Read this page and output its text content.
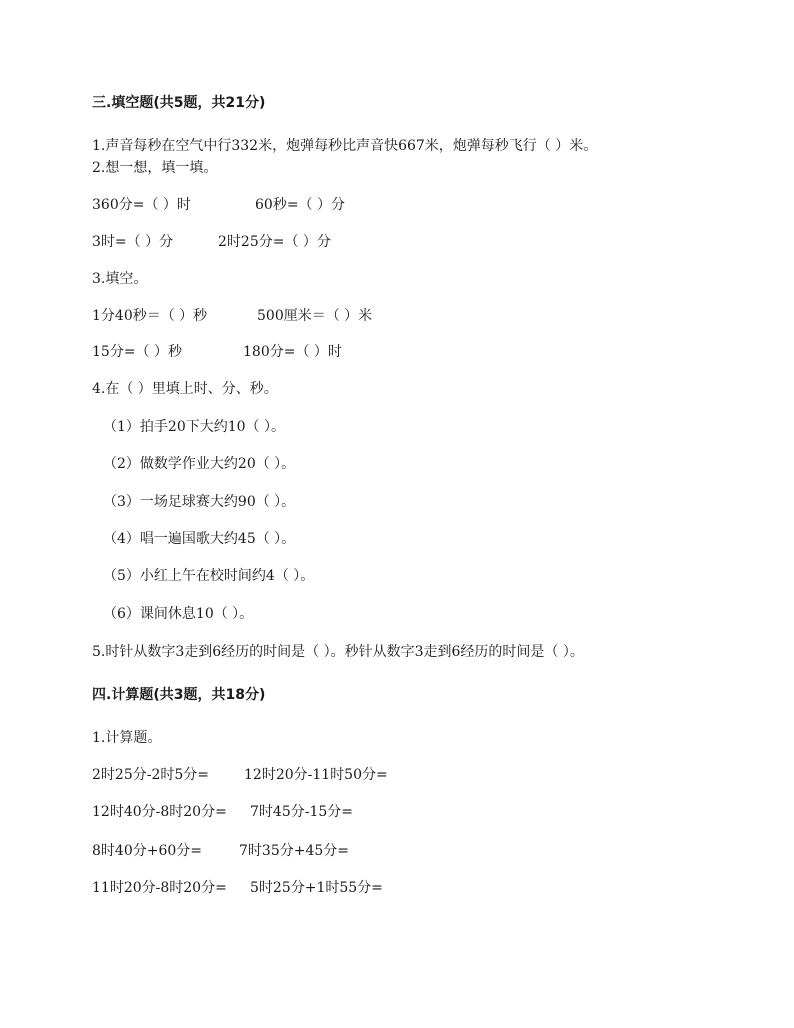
三.填空题(共5题，共21分)
1.声音每秒在空气中行332米，炮弹每秒比声音快667米，炮弹每秒飞行（ ）米。
2.想一想，填一填。
360分=（ ）时	60秒=（ ）分
3时=（ ）分	2时25分=（ ）分
3.填空。
1分40秒＝（ ）秒	500厘米＝（ ）米
15分=（ ）秒	180分=（ ）时
4.在（ ）里填上时、分、秒。
（1）拍手20下大约10（ ）。
（2）做数学作业大约20（ ）。
（3）一场足球赛大约90（ ）。
（4）唱一遍国歌大约45（ ）。
（5）小红上午在校时间约4（ ）。
（6）课间休息10（ ）。
5.时针从数字3走到6经历的时间是（ ）。秒针从数字3走到6经历的时间是（ ）。
四.计算题(共3题，共18分)
1.计算题。
2时25分-2时5分=	12时20分-11时50分=
12时40分-8时20分= 7时45分-15分=
8时40分+60分=	7时35分+45分=
11时20分-8时20分= 5时25分+1时55分=
